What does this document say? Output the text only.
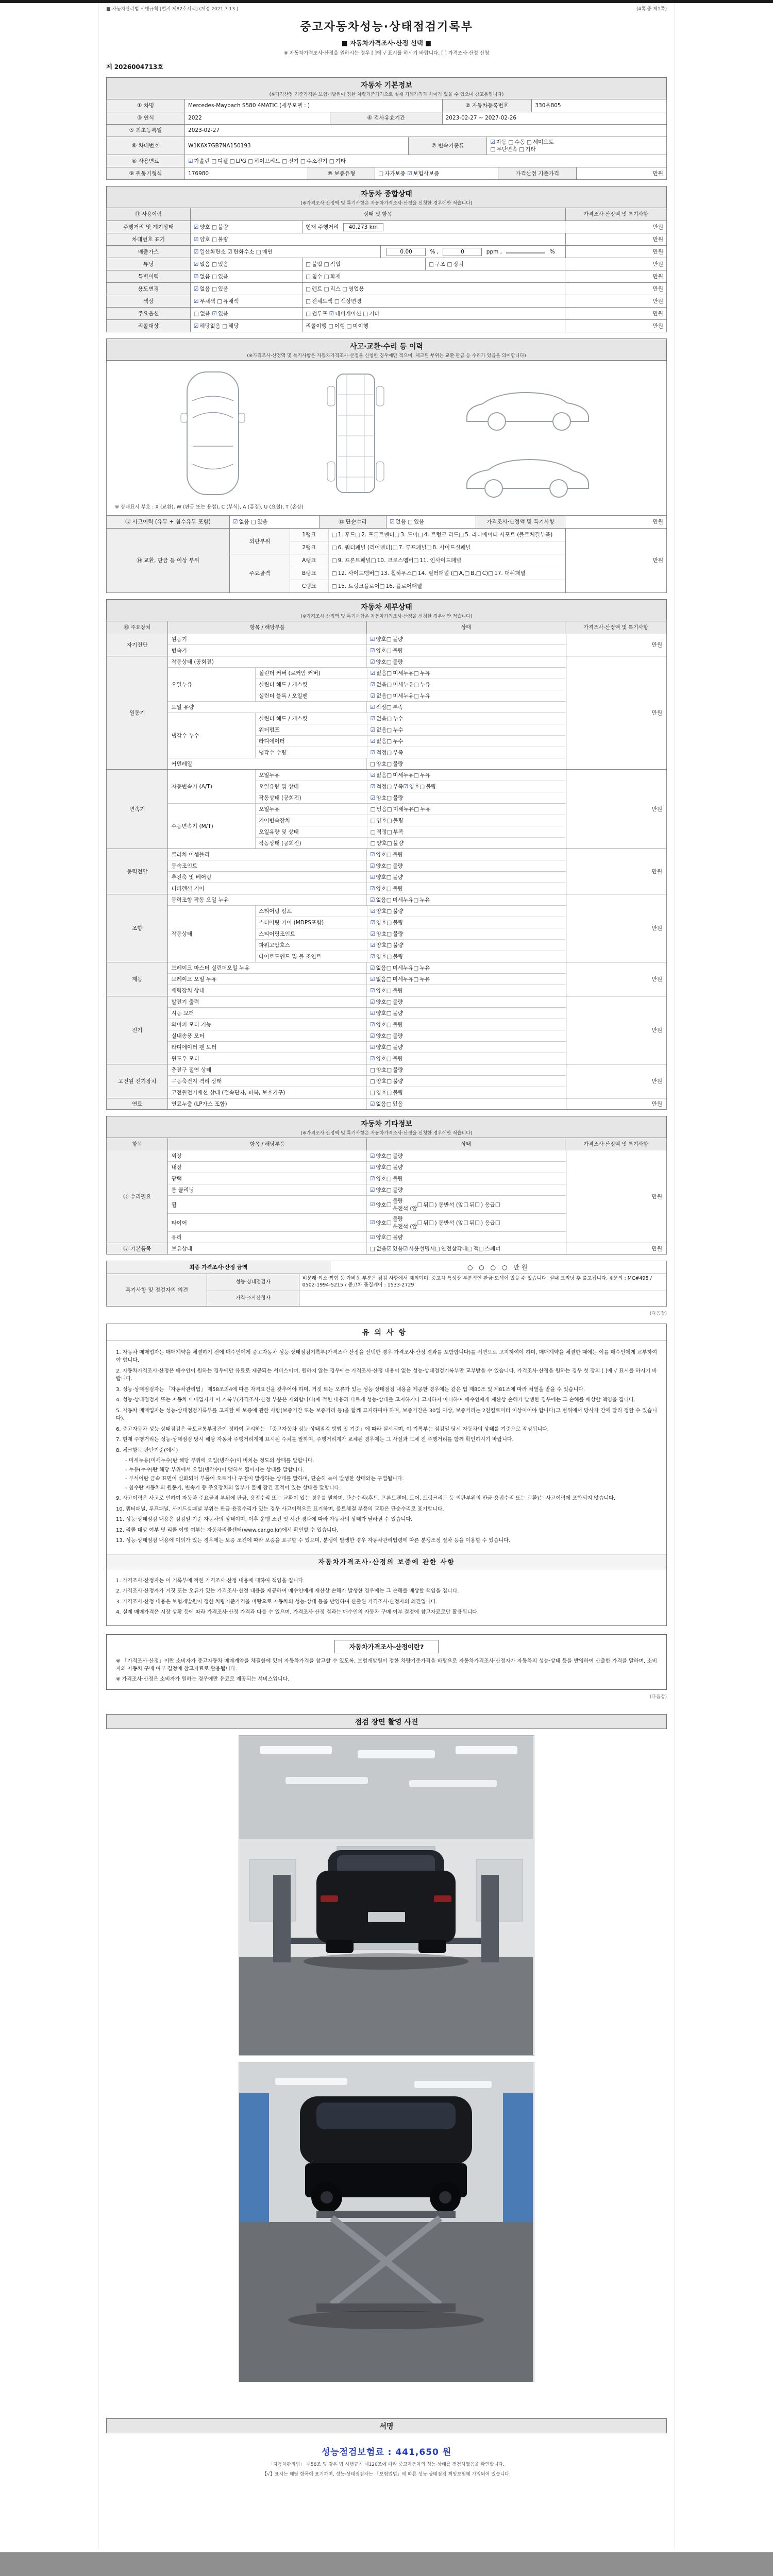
■ 자동차관리법 시행규칙 [별지 제82호서식] (개정 2021.7.13.)	(4쪽 중 제1쪽)
중고자동차성능·상태점검기록부
■ 자동차가격조사·산정 선택 ■
※ 자동차가격조사·산정을 원하시는 경우 [ ]에 √ 표시를 하시기 바랍니다. [ ] 가격조사·산정 신청
제 2026004713호
자동차 기본정보
(※가격산정 기준가격은 보험개발원이 정한 차량기준가격으로 실제 거래가격과 차이가 있을 수 있으며 참고용입니다)
① 차명	Mercedes-Maybach S580 4MATIC (세부모델 : )	② 자동차등록번호	330울805
③ 연식	2022	④ 검사유효기간	2023-02-27 ~ 2027-02-26
⑤ 최초등록일	2023-02-27
⑥ 차대번호	W1K6X7GB7NA150193	⑦ 변속기종류
☑ 자동 □ 수동 □ 세미오토
□ 무단변속 □ 기타
⑧ 사용연료	☑ 가솔린 □ 디젤 □ LPG □ 하이브리드 □ 전기 □ 수소전기 □ 기타
⑨ 원동기형식	176980	⑩ 보증유형	□ 자가보증 ☑ 보험사보증	가격산정 기준가격	만원
자동차 종합상태
(※가격조사·산정액 및 특기사항은 자동차가격조사·산정을 신청한 경우에만 적습니다)
⑪ 사용이력	상태 및 항목	가격조사·산정액 및 특기사항
주행거리 및 계기상태	☑ 양호 □ 불량	현재 주행거리 40,273 km	만원
차대번호 표기	☑ 양호 □ 불량	만원
배출가스	☑ 일산화탄소 ☑ 탄화수소 □ 매연	0.00	% ,	0	ppm ,	%	만원
튜닝	☑ 없음 □ 있음	□ 불법 □ 적법	□ 구조 □ 장치	만원
특별이력	☑ 없음 □ 있음	□ 침수 □ 화재	만원
용도변경	☑ 없음 □ 있음	□ 렌트 □ 리스 □ 영업용	만원
색상	☑ 무채색 □ 유채색	□ 전체도색 □ 색상변경	만원
주요옵션	□ 없음 ☑ 있음	□ 썬루프 ☑ 네비게이션 □ 기타	만원
리콜대상	☑ 해당없음 □ 해당	리콜이행 □ 이행 □ 미이행	만원
사고·교환·수리 등 이력
(※가격조사·산정액 및 특기사항은 자동차가격조사·산정을 신청한 경우에만 적으며, 체크된 부위는 교환·판금 등 수리가 있음을 의미합니다)
※ 상태표시 부호 : X (교환), W (판금 또는 용접), C (부식), A (흠집), U (요철), T (손상)
⑫ 사고이력 (유무 + 침수유무 포함)	☑ 없음 □ 있음	⑬ 단순수리	☑ 없음 □ 있음	가격조사·산정액 및 특기사항	만원
⑭ 교환, 판금 등 이상 부위
외판부위
1랭크	□ 1. 후드 □ 2. 프론트펜더 □ 3. 도어 □ 4. 트렁크 리드 □ 5. 라디에이터 서포트 (볼트체결부품)
2랭크	□ 6. 쿼터패널 (리어펜더) □ 7. 루프패널 □ 8. 사이드실패널
주요골격
A랭크	□ 9. 프론트패널 □ 10. 크로스멤버 □ 11. 인사이드패널
B랭크	□ 12. 사이드멤버 □ 13. 휠하우스 □ 14. 필러패널 ( □ A, □ B, □ C) □ 17. 대쉬패널
C랭크	□ 15. 트렁크플로어 □ 16. 플로어패널
만원
자동차 세부상태
(※가격조사·산정액 및 특기사항은 자동차가격조사·산정을 신청한 경우에만 적습니다)
⑮ 주요장치	항목 / 해당부품	상태	가격조사·산정액 및 특기사항
자기진단
원동기	☑ 양호 □ 불량
변속기	☑ 양호 □ 불량
만원
원동기
작동상태 (공회전)	☑ 양호 □ 불량
오일누유
실린더 커버 (로커암 커버)	☑ 없음 □ 미세누유 □ 누유
실린더 헤드 / 개스킷	☑ 없음 □ 미세누유 □ 누유
실린더 블록 / 오일팬	☑ 없음 □ 미세누유 □ 누유
오일 유량	☑ 적정 □ 부족
냉각수 누수
실린더 헤드 / 개스킷	☑ 없음 □ 누수
워터펌프	☑ 없음 □ 누수
라디에이터	☑ 없음 □ 누수
냉각수 수량	☑ 적정 □ 부족
커먼레일	□ 양호 □ 불량
만원
변속기
자동변속기 (A/T)
오일누유	☑ 없음 □ 미세누유 □ 누유
오일유량 및 상태	☑ 적정 □ 부족 ☑ 양호 □ 불량
작동상태 (공회전)	☑ 양호 □ 불량
수동변속기 (M/T)
오일누유	□ 없음 □ 미세누유 □ 누유
기어변속장치	□ 양호 □ 불량
오일유량 및 상태	□ 적정 □ 부족
작동상태 (공회전)	□ 양호 □ 불량
만원
동력전달
클러치 어셈블리	☑ 양호 □ 불량
등속조인트	☑ 양호 □ 불량
추진축 및 베어링	☑ 양호 □ 불량
디퍼렌셜 기어	☑ 양호 □ 불량
만원
조향
동력조향 작동 오일 누유	☑ 없음 □ 미세누유 □ 누유
작동상태
스티어링 펌프	☑ 양호 □ 불량
스티어링 기어 (MDPS포함)	☑ 양호 □ 불량
스티어링조인트	☑ 양호 □ 불량
파워고압호스	☑ 양호 □ 불량
타이로드엔드 및 볼 조인트	☑ 양호 □ 불량
만원
제동
브레이크 마스터 실린더오일 누유	☑ 없음 □ 미세누유 □ 누유
브레이크 오일 누유	☑ 없음 □ 미세누유 □ 누유
배력장치 상태	☑ 양호 □ 불량
만원
전기
발전기 출력	☑ 양호 □ 불량
시동 모터	☑ 양호 □ 불량
와이퍼 모터 기능	☑ 양호 □ 불량
실내송풍 모터	☑ 양호 □ 불량
라디에이터 팬 모터	☑ 양호 □ 불량
윈도우 모터	☑ 양호 □ 불량
만원
고전원 전기장치
충전구 절연 상태	□ 양호 □ 불량
구동축전지 격리 상태	□ 양호 □ 불량
고전원전기배선 상태 (접속단자, 피복, 보호기구)	□ 양호 □ 불량
만원
연료	연료누출 (LP가스 포함)	☑ 없음 □ 있음	만원
자동차 기타정보
(※가격조사·산정액 및 특기사항은 자동차가격조사·산정을 신청한 경우에만 적습니다)
항목	항목 / 해당부품	상태	가격조사·산정액 및 특기사항
⑯ 수리필요
외장	☑ 양호 □ 불량
내장	☑ 양호 □ 불량
광택	☑ 양호 □ 불량
룸 클리닝	☑ 양호 □ 불량
휠	☑ 양호 □
불량
운전석 (앞
□ 뒤 □ ) 동반석 (앞 □ 뒤 □ ) 응급 □
타이어	☑ 양호 □
불량
운전석 (앞
□ 뒤 □ ) 동반석 (앞 □ 뒤 □ ) 응급 □
유리	☑ 양호 □ 불량
만원
⑰ 기본품목	보유상태	□ 없음 ☑ 있음 ☑ 사용설명서 □ 안전삼각대 □ 잭 □ 스패너	만원
최종 가격조사·산정 금액	○ ○ ○ ○ 만원
특기사항 및 점검자의 의견
성능·상태점검자
비문래·외소·찍힘 등 가벼운 부분은 점검 사항에서 제외되며, 중고차 특성상 부분적인 판금·도색이 있을 수 있습니다. 실내 크리닝 후 출고됩니다. ※문의 : MC#495 / 0502-1994-5215 / 중고차 품질케어 : 1533-2729
가격·조사산정자
(다음장)
유의사항
1. 자동차 매매업자는 매매계약을 체결하기 전에 매수인에게 중고자동차 성능·상태점검기록부(가격조사·산정을 선택한 경우 가격조사·산정 결과를 포함합니다)를 서면으로 고지하여야 하며, 매매계약을 체결한 때에는 이를 매수인에게 교부하여야 합니다.
2. 자동차가격조사·산정은 매수인이 원하는 경우에만 유료로 제공되는 서비스이며, 원하지 않는 경우에는 가격조사·산정 내용이 없는 성능·상태점검기록부만 교부받을 수 있습니다. 가격조사·산정을 원하는 경우 첫 장의 [ ]에 √ 표시를 하시기 바랍니다.
3. 성능·상태점검자는 「자동차관리법」 제58조의4에 따른 자격요건을 갖추어야 하며, 거짓 또는 오류가 있는 성능·상태점검 내용을 제공한 경우에는 같은 법 제80조 및 제81조에 따라 처벌을 받을 수 있습니다.
4. 성능·상태점검자 또는 자동차 매매업자가 이 기록부(가격조사·산정 부분은 제외합니다)에 적힌 내용과 다르게 성능·상태를 고지하거나 고지하지 아니하여 매수인에게 재산상 손해가 발생한 경우에는 그 손해를 배상할 책임을 집니다.
5. 자동차 매매업자는 성능·상태점검기록부를 고지할 때 보증에 관한 사항(보증기간 또는 보증거리 등)을 함께 고지하여야 하며, 보증기간은 30일 이상, 보증거리는 2천킬로미터 이상이어야 합니다(그 범위에서 당사자 간에 달리 정할 수 있습니다).
6. 중고자동차 성능·상태점검은 국토교통부장관이 정하여 고시하는 「중고자동차 성능·상태점검 방법 및 기준」에 따라 실시되며, 이 기록부는 점검일 당시 자동차의 상태를 기준으로 작성됩니다.
7. 현재 주행거리는 성능·상태점검 당시 해당 자동차 주행거리계에 표시된 수치를 말하며, 주행거리계가 교체된 경우에는 그 사실과 교체 전 주행거리를 함께 확인하시기 바랍니다.
8. 체크항목 판단기준(예시)
- 미세누유(미세누수)란 해당 부위에 오일(냉각수)이 비치는 정도의 상태를 말합니다.
- 누유(누수)란 해당 부위에서 오일(냉각수)이 맺혀서 떨어지는 상태를 말합니다.
- 부식이란 금속 표면이 산화되어 부풀어 오르거나 구멍이 발생하는 상태를 말하며, 단순히 녹이 발생한 상태와는 구별됩니다.
- 침수란 자동차의 원동기, 변속기 등 주요장치의 일부가 물에 잠긴 흔적이 있는 상태를 말합니다.
9. 사고이력은 사고로 인하여 자동차 주요골격 부위에 판금, 용접수리 또는 교환이 있는 경우를 말하며, 단순수리(후드, 프론트펜더, 도어, 트렁크리드 등 외판부위의 판금·용접수리 또는 교환)는 사고이력에 포함되지 않습니다.
10. 쿼터패널, 루프패널, 사이드실패널 부위는 판금·용접수리가 있는 경우 사고이력으로 표기하며, 볼트체결 부품의 교환은 단순수리로 표기합니다.
11. 성능·상태점검 내용은 점검일 기준 자동차의 상태이며, 이후 운행 조건 및 시간 경과에 따라 자동차의 상태가 달라질 수 있습니다.
12. 리콜 대상 여부 및 리콜 이행 여부는 자동차리콜센터(www.car.go.kr)에서 확인할 수 있습니다.
13. 성능·상태점검 내용에 이의가 있는 경우에는 보증 조건에 따라 보증을 요구할 수 있으며, 분쟁이 발생한 경우 자동차관리법령에 따른 분쟁조정 절차 등을 이용할 수 있습니다.
자동차가격조사·산정의 보증에 관한 사항
1. 가격조사·산정자는 이 기록부에 적힌 가격조사·산정 내용에 대하여 책임을 집니다.
2. 가격조사·산정자가 거짓 또는 오류가 있는 가격조사·산정 내용을 제공하여 매수인에게 재산상 손해가 발생한 경우에는 그 손해를 배상할 책임을 집니다.
3. 가격조사·산정 내용은 보험개발원이 정한 차량기준가격을 바탕으로 자동차의 성능·상태 등을 반영하여 산출된 가격조사·산정자의 의견입니다.
4. 실제 매매가격은 시장 상황 등에 따라 가격조사·산정 가격과 다를 수 있으며, 가격조사·산정 결과는 매수인의 자동차 구매 여부 결정에 참고자료로만 활용됩니다.
자동차가격조사·산정이란?
※ 「가격조사·산정」이란 소비자가 중고자동차 매매계약을 체결함에 있어 자동차가격을 참고할 수 있도록, 보험개발원이 정한 차량기준가격을 바탕으로 자동차가격조사·산정자가 자동차의 성능·상태 등을 반영하여 산출한 가격을 말하며, 소비자의 자동차 구매 여부 결정에 참고자료로 활용됩니다.
※ 가격조사·산정은 소비자가 원하는 경우에만 유료로 제공되는 서비스입니다.
(다음장)
점검 장면 촬영 사진
서명
성능점검보험료 : 441,650 원
「자동차관리법」 제58조 및 같은 법 시행규칙 제120조에 따라 중고자동차의 성능·상태를 점검하였음을 확인합니다.
【√】표시는 해당 항목에 표기하며, 성능·상태점검자는 「보험업법」에 따른 성능·상태점검 책임보험에 가입되어 있습니다.
